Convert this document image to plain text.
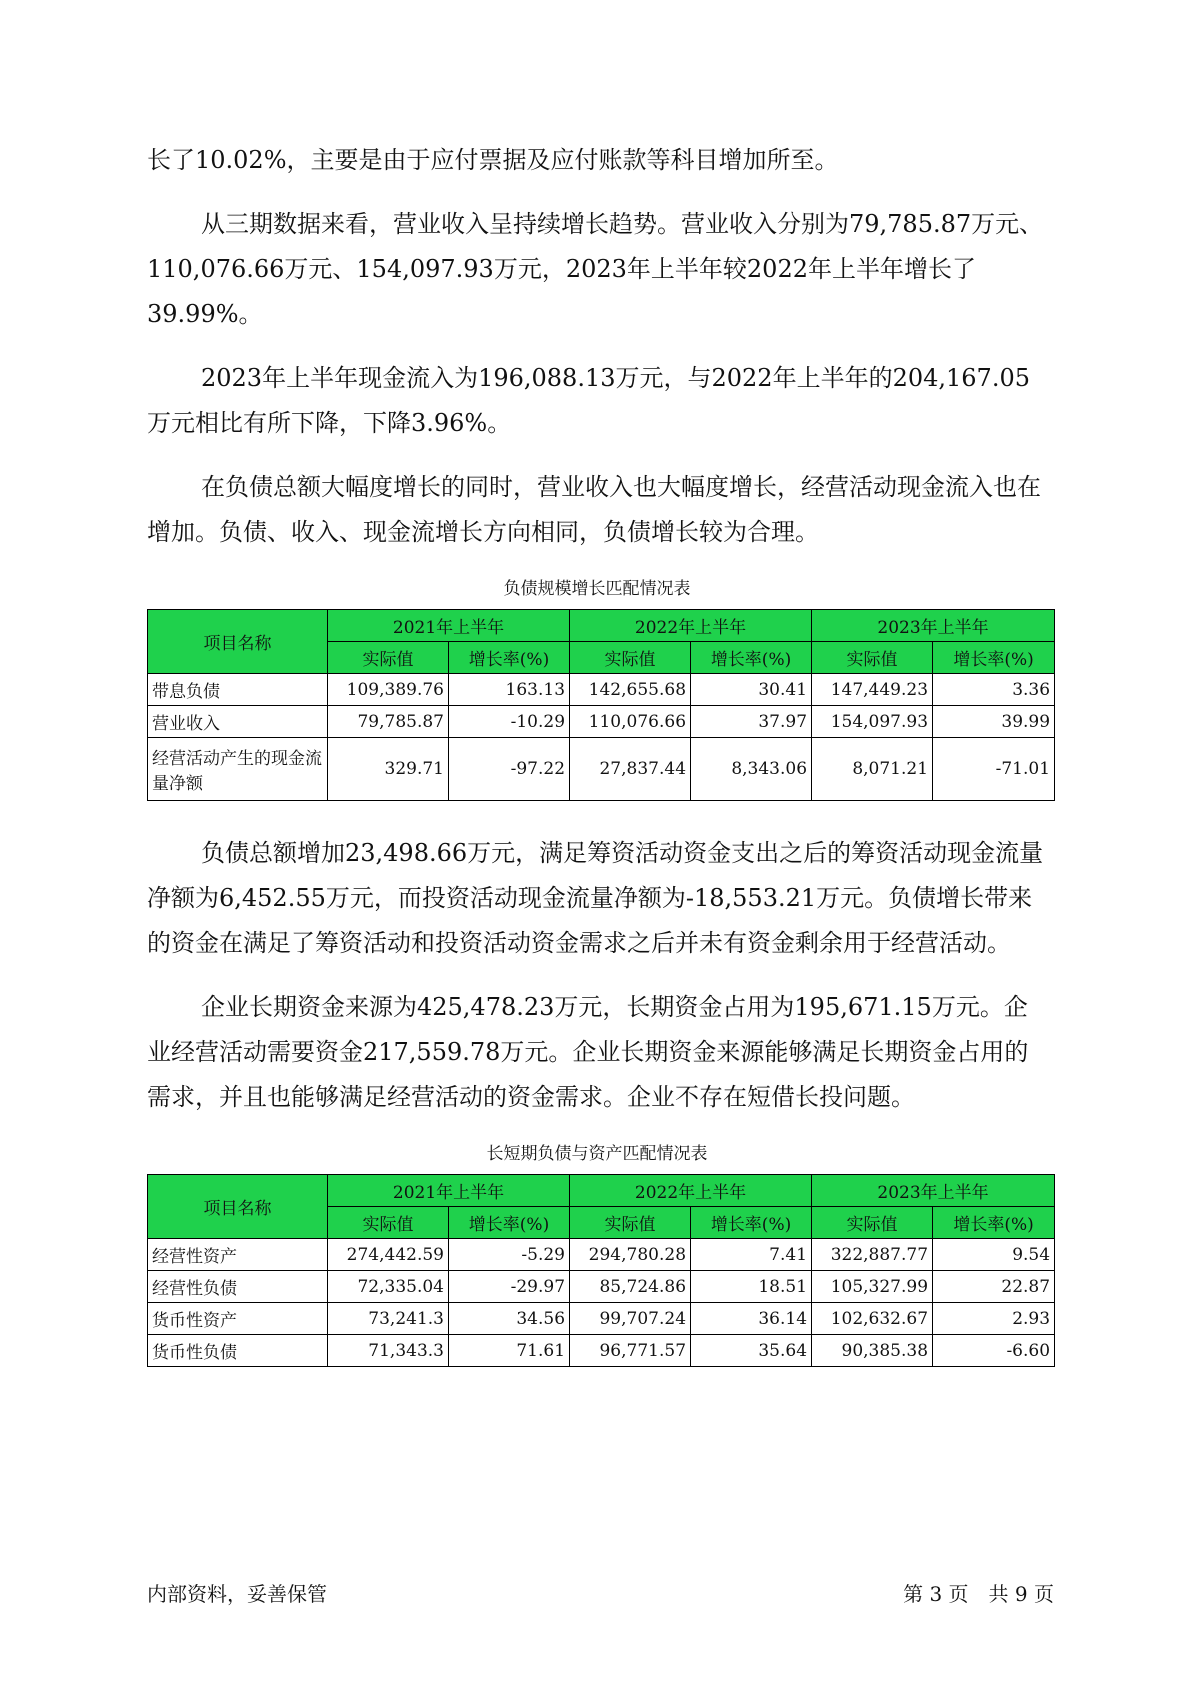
长了10.02%，主要是由于应付票据及应付账款等科目增加所至。

从三期数据来看，营业收入呈持续增长趋势。营业收入分别为79,785.87万元、110,076.66万元、154,097.93万元，2023年上半年较2022年上半年增长了39.99%。

2023年上半年现金流入为196,088.13万元，与2022年上半年的204,167.05万元相比有所下降，下降3.96%。

在负债总额大幅度增长的同时，营业收入也大幅度增长，经营活动现金流入也在增加。负债、收入、现金流增长方向相同，负债增长较为合理。

负债规模增长匹配情况表
项目名称	2021年上半年		2022年上半年		2023年上半年	
	实际值	增长率(%)	实际值	增长率(%)	实际值	增长率(%)
带息负债	109,389.76	163.13	142,655.68	30.41	147,449.23	3.36
营业收入	79,785.87	-10.29	110,076.66	37.97	154,097.93	39.99
经营活动产生的现金流量净额	329.71	-97.22	27,837.44	8,343.06	8,071.21	-71.01

负债总额增加23,498.66万元，满足筹资活动资金支出之后的筹资活动现金流量净额为6,452.55万元，而投资活动现金流量净额为-18,553.21万元。负债增长带来的资金在满足了筹资活动和投资活动资金需求之后并未有资金剩余用于经营活动。

企业长期资金来源为425,478.23万元，长期资金占用为195,671.15万元。企业经营活动需要资金217,559.78万元。企业长期资金来源能够满足长期资金占用的需求，并且也能够满足经营活动的资金需求。企业不存在短借长投问题。

长短期负债与资产匹配情况表
项目名称	2021年上半年		2022年上半年		2023年上半年	
	实际值	增长率(%)	实际值	增长率(%)	实际值	增长率(%)
经营性资产	274,442.59	-5.29	294,780.28	7.41	322,887.77	9.54
经营性负债	72,335.04	-29.97	85,724.86	18.51	105,327.99	22.87
货币性资产	73,241.3	34.56	99,707.24	36.14	102,632.67	2.93
货币性负债	71,343.3	71.61	96,771.57	35.64	90,385.38	-6.60
内部资料，妥善保管	第 3 页　共 9 页
